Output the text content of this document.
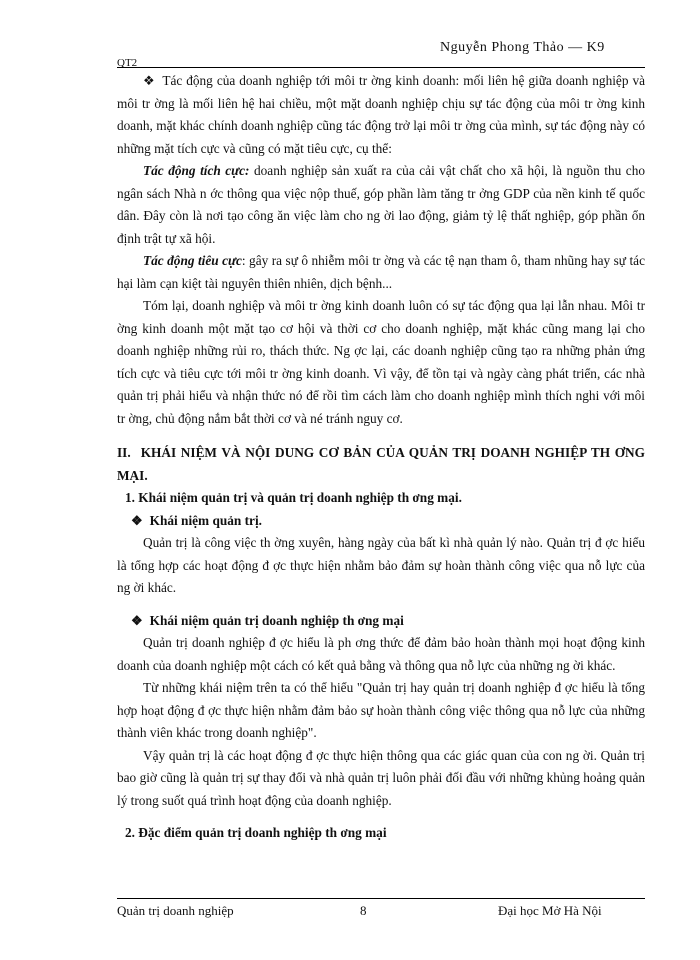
Nguyễn Phong Thảo — K9
QT2

❖ Tác động của doanh nghiệp tới môi tr ờng kinh doanh: mối liên hệ giữa doanh nghiệp và môi tr ờng là mối liên hệ hai chiều, một mặt doanh nghiệp chịu sự tác động của môi tr ờng kinh doanh, mặt khác chính doanh nghiệp cũng tác động trở lại môi tr ờng của mình, sự tác động này có những mặt tích cực và cũng có mặt tiêu cực, cụ thể:

Tác động tích cực: doanh nghiệp sản xuất ra của cải vật chất cho xã hội, là nguồn thu cho ngân sách Nhà n ớc thông qua việc nộp thuế, góp phần làm tăng tr ởng GDP của nền kinh tế quốc dân. Đây còn là nơi tạo công ăn việc làm cho ng ời lao động, giảm tỷ lệ thất nghiệp, góp phần ổn định trật tự xã hội.

Tác động tiêu cực: gây ra sự ô nhiễm môi tr ờng và các tệ nạn tham ô, tham nhũng hay sự tác hại làm cạn kiệt tài nguyên thiên nhiên, dịch bệnh...

Tóm lại, doanh nghiệp và môi tr ờng kinh doanh luôn có sự tác động qua lại lẫn nhau. Môi tr ờng kinh doanh một mặt tạo cơ hội và thời cơ cho doanh nghiệp, mặt khác cũng mang lại cho doanh nghiệp những rủi ro, thách thức. Ng ợc lại, các doanh nghiệp cũng tạo ra những phản ứng tích cực và tiêu cực tới môi tr ờng kinh doanh. Vì vậy, để tồn tại và ngày càng phát triển, các nhà quản trị phải hiểu và nhận thức nó để rồi tìm cách làm cho doanh nghiệp mình thích nghi với môi tr ờng, chủ động nắm bắt thời cơ và né tránh nguy cơ.

II. KHÁI NIỆM VÀ NỘI DUNG CƠ BẢN CỦA QUẢN TRỊ DOANH NGHIỆP TH ƠNG MẠI.

1. Khái niệm quản trị và quản trị doanh nghiệp th ơng mại.

❖ Khái niệm quản trị.

Quản trị là công việc th ờng xuyên, hàng ngày của bất kì nhà quản lý nào. Quản trị đ ợc hiểu là tổng hợp các hoạt động đ ợc thực hiện nhằm bảo đảm sự hoàn thành công việc qua nỗ lực của ng ời khác.

❖ Khái niệm quản trị doanh nghiệp th ơng mại

Quản trị doanh nghiệp đ ợc hiểu là ph ơng thức để đảm bảo hoàn thành mọi hoạt động kinh doanh của doanh nghiệp một cách có kết quả bằng và thông qua nỗ lực của những ng ời khác.

Từ những khái niệm trên ta có thể hiểu "Quản trị hay quản trị doanh nghiệp đ ợc hiểu là tổng hợp hoạt động đ ợc thực hiện nhằm đảm bảo sự hoàn thành công việc thông qua nỗ lực của những thành viên khác trong doanh nghiệp".

Vậy quản trị là các hoạt động đ ợc thực hiện thông qua các giác quan của con ng ời. Quản trị bao giờ cũng là quản trị sự thay đổi và nhà quản trị luôn phải đối đầu với những khủng hoảng quản lý trong suốt quá trình hoạt động của doanh nghiệp.

2. Đặc điểm quản trị doanh nghiệp th ơng mại

Quản trị doanh nghiệp	8	Đại học Mở Hà Nội
